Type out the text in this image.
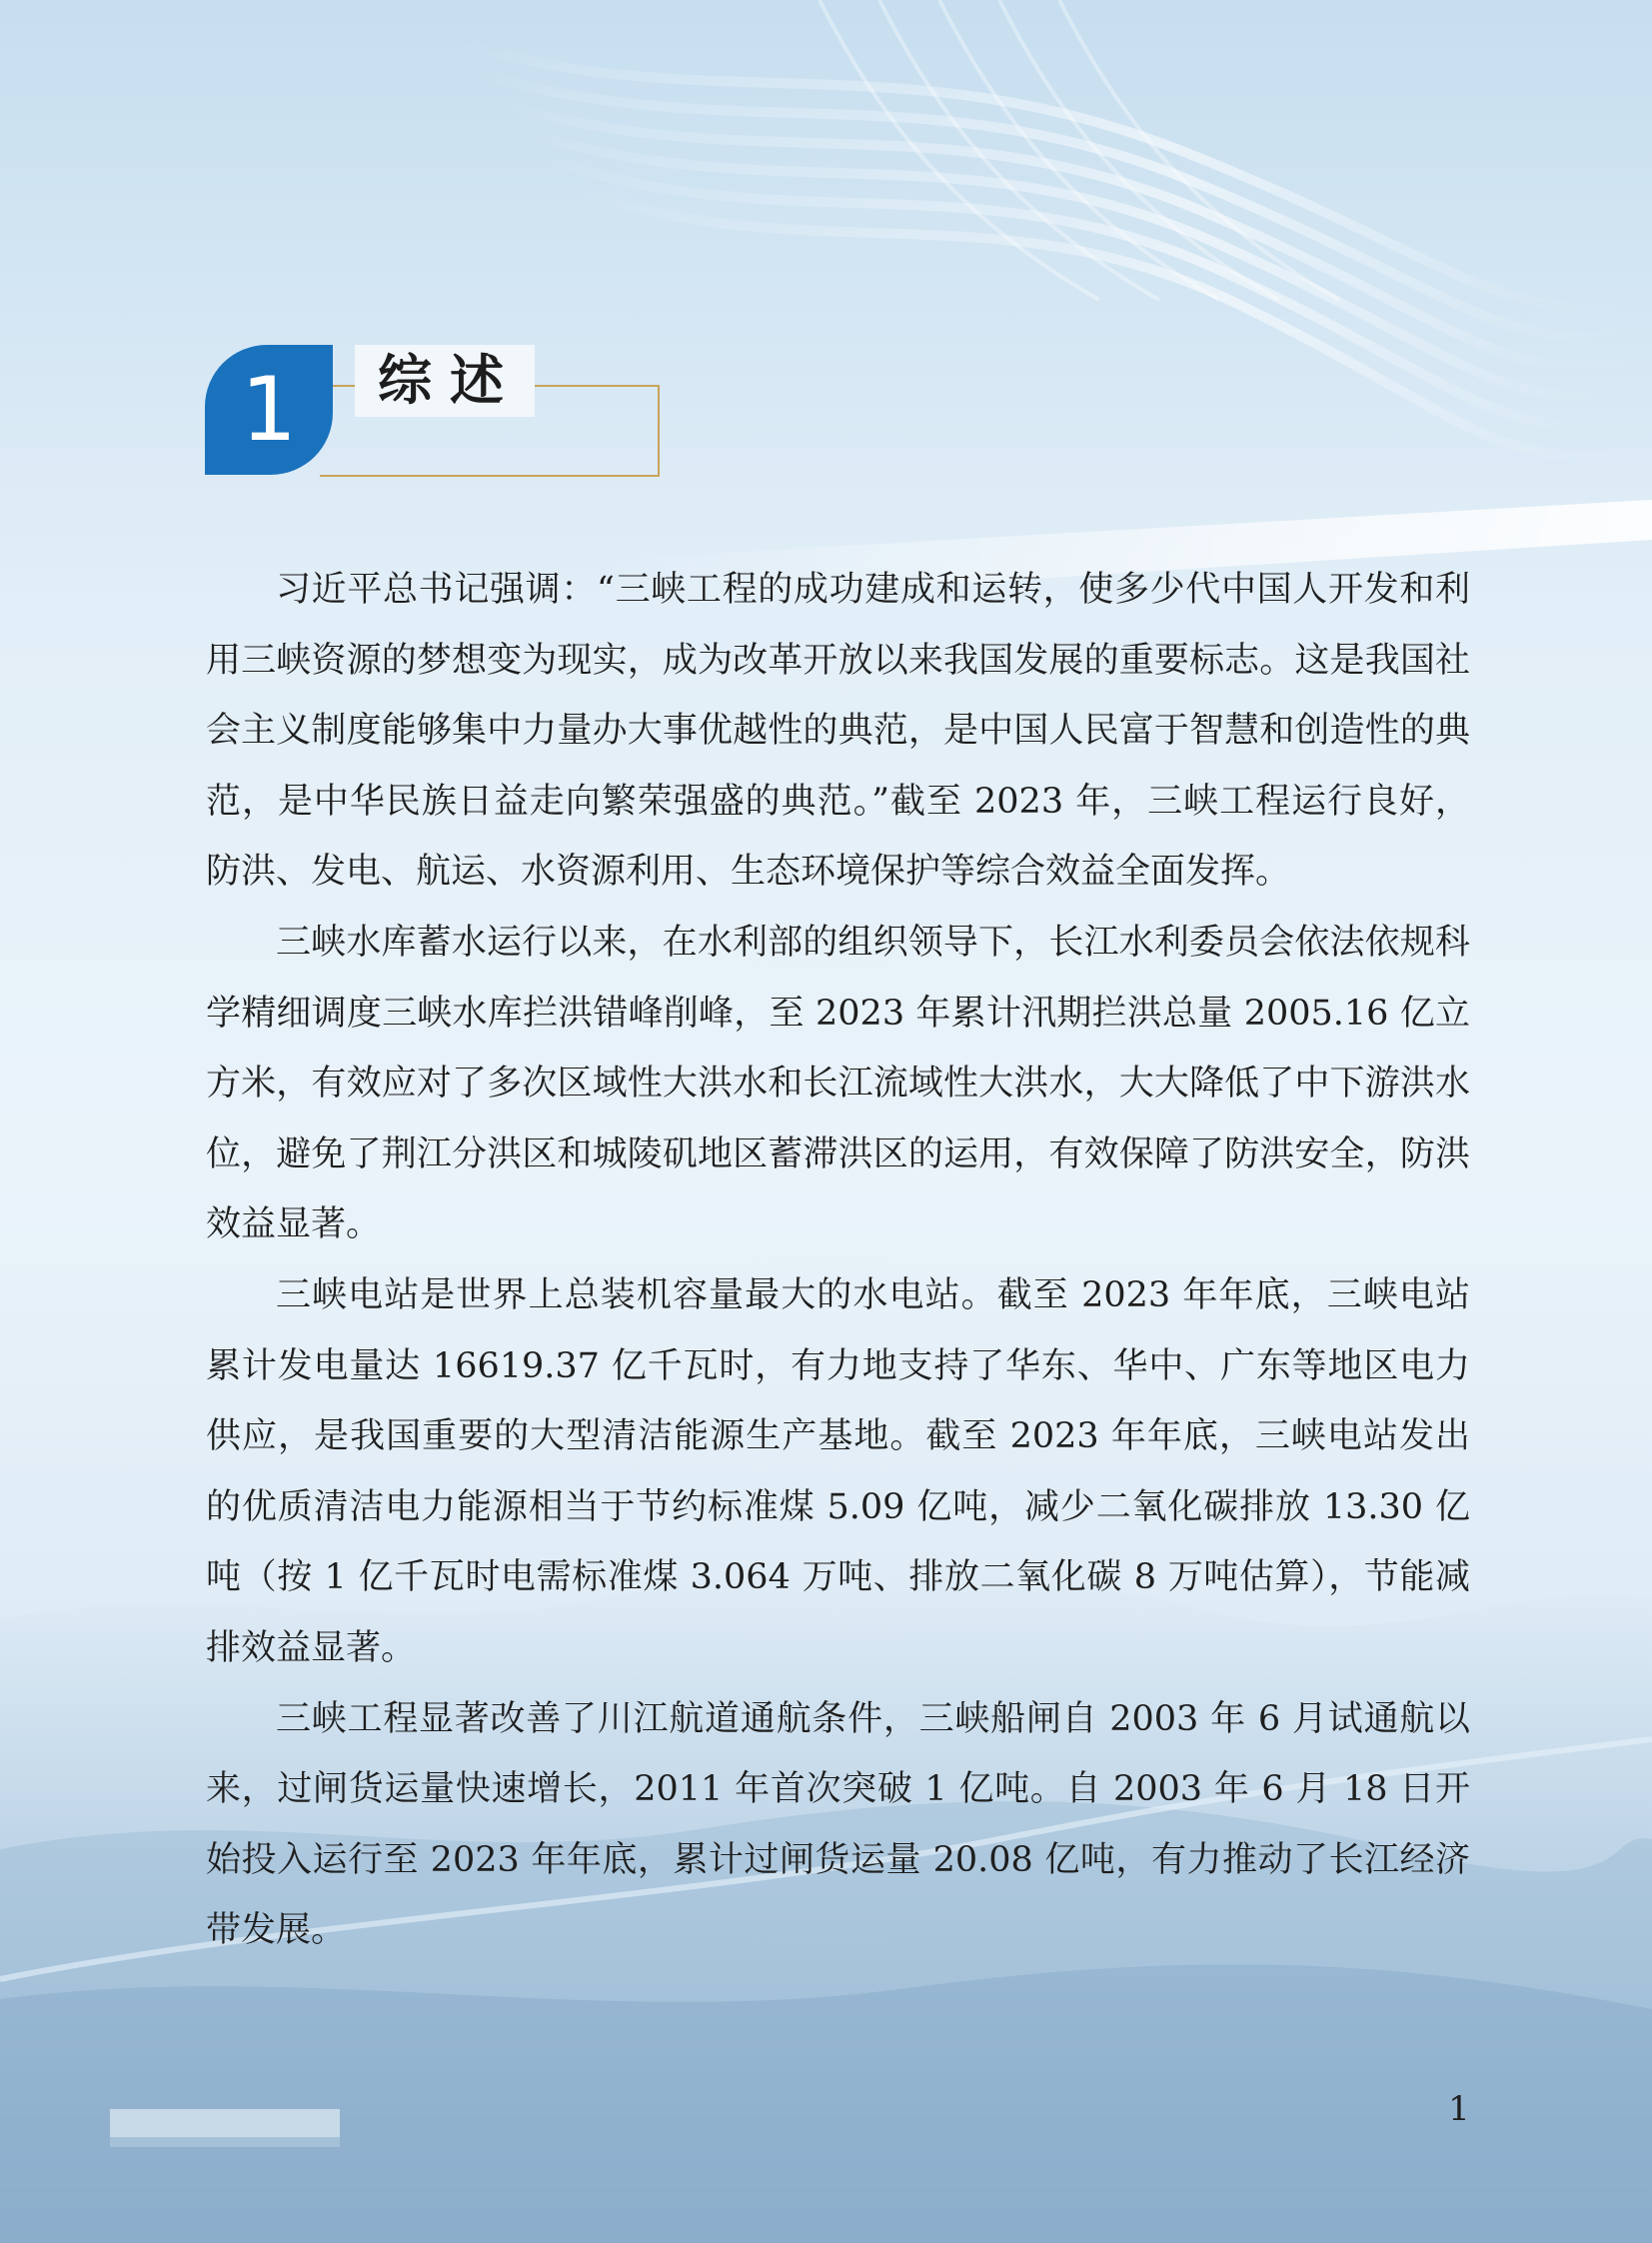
1	综述

习近平总书记强调：“三峡工程的成功建成和运转，使多少代中国人开发和利用三峡资源的梦想变为现实，成为改革开放以来我国发展的重要标志。这是我国社会主义制度能够集中力量办大事优越性的典范，是中国人民富于智慧和创造性的典范，是中华民族日益走向繁荣强盛的典范。”截至 2023 年，三峡工程运行良好，防洪、发电、航运、水资源利用、生态环境保护等综合效益全面发挥。

三峡水库蓄水运行以来，在水利部的组织领导下，长江水利委员会依法依规科学精细调度三峡水库拦洪错峰削峰，至 2023 年累计汛期拦洪总量 2005.16 亿立方米，有效应对了多次区域性大洪水和长江流域性大洪水，大大降低了中下游洪水位，避免了荆江分洪区和城陵矶地区蓄滞洪区的运用，有效保障了防洪安全，防洪效益显著。

三峡电站是世界上总装机容量最大的水电站。截至 2023 年年底，三峡电站累计发电量达 16619.37 亿千瓦时，有力地支持了华东、华中、广东等地区电力供应，是我国重要的大型清洁能源生产基地。截至 2023 年年底，三峡电站发出的优质清洁电力能源相当于节约标准煤 5.09 亿吨，减少二氧化碳排放 13.30 亿吨（按 1 亿千瓦时电需标准煤 3.064 万吨、排放二氧化碳 8 万吨估算），节能减排效益显著。

三峡工程显著改善了川江航道通航条件，三峡船闸自 2003 年 6 月试通航以来，过闸货运量快速增长，2011 年首次突破 1 亿吨。自 2003 年 6 月 18 日开始投入运行至 2023 年年底，累计过闸货运量 20.08 亿吨，有力推动了长江经济带发展。

1
